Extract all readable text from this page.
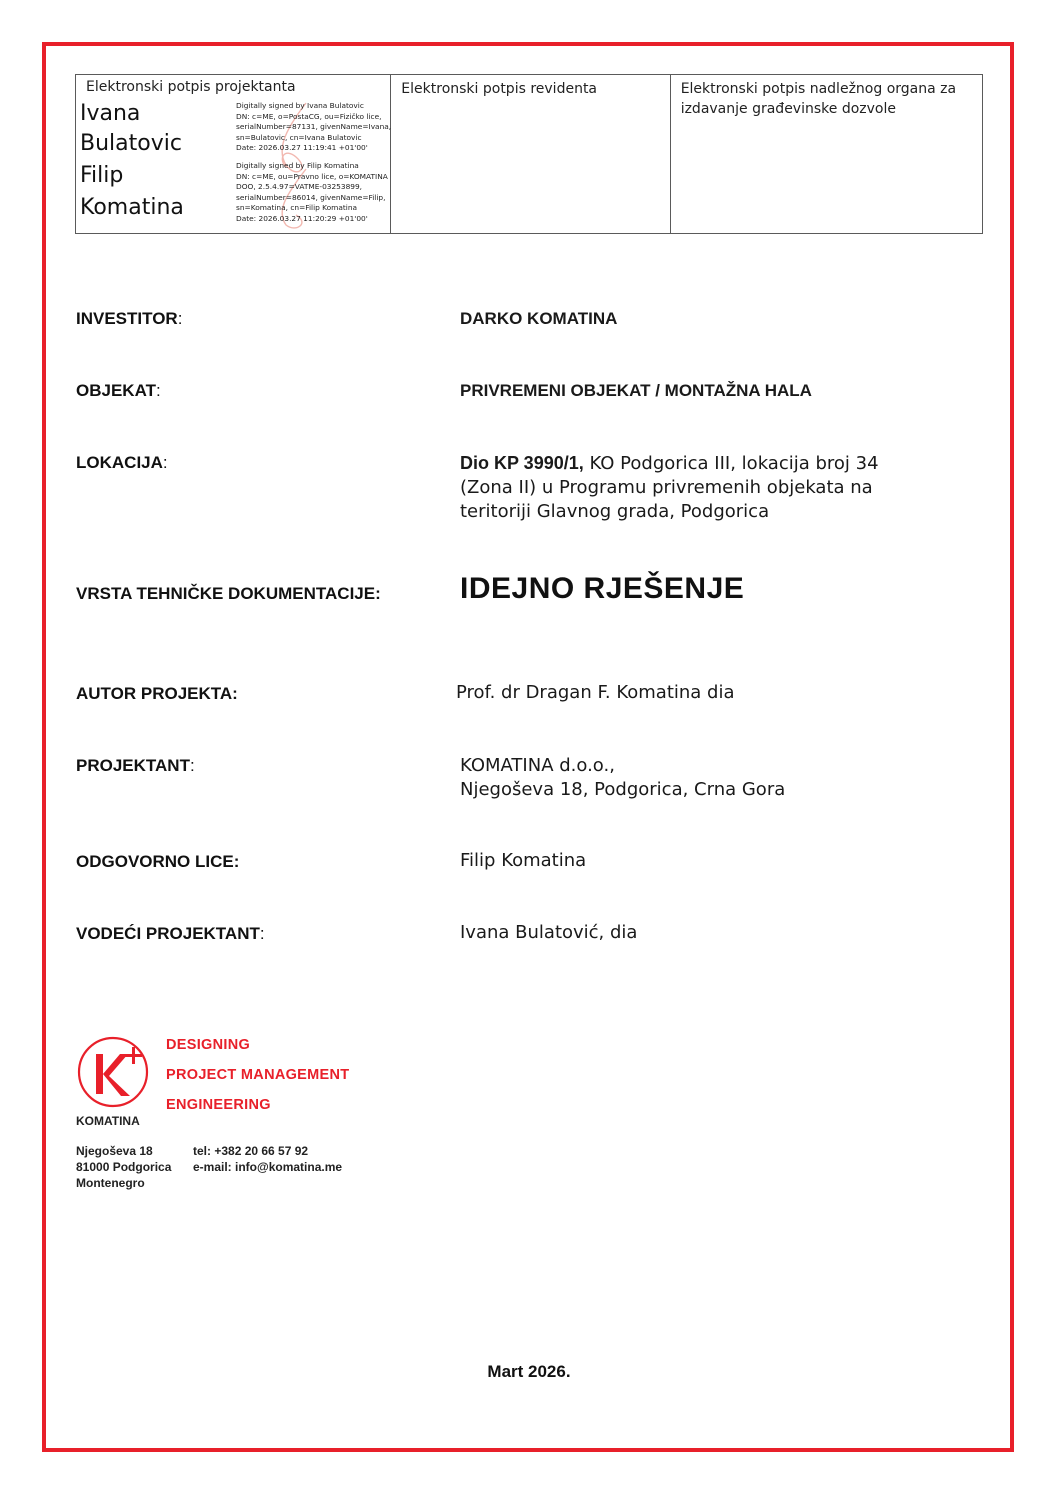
Elektronski potpis projektanta
Ivana
Bulatovic
Digitally signed by Ivana Bulatovic
DN: c=ME, o=PostaCG, ou=Fizičko lice,
serialNumber=87131, givenName=Ivana,
sn=Bulatovic, cn=Ivana Bulatovic
Date: 2026.03.27 11:19:41 +01'00'
Filip
Komatina
Digitally signed by Filip Komatina
DN: c=ME, ou=Pravno lice, o=KOMATINA
DOO, 2.5.4.97=VATME-03253899,
serialNumber=86014, givenName=Filip,
sn=Komatina, cn=Filip Komatina
Date: 2026.03.27 11:20:29 +01'00'
Elektronski potpis revidenta	Elektronski potpis nadležnog organa za izdavanje građevinske dozvole
INVESTITOR:	DARKO KOMATINA
OBJEKAT:	PRIVREMENI OBJEKAT / MONTAŽNA HALA
LOKACIJA:	Dio KP 3990/1, KO Podgorica III, lokacija broj 34
(Zona II) u Programu privremenih objekata na
teritoriji Glavnog grada, Podgorica
VRSTA TEHNIČKE DOKUMENTACIJE:	IDEJNO RJEŠENJE
AUTOR PROJEKTA:	Prof. dr Dragan F. Komatina dia
PROJEKTANT:	KOMATINA d.o.o.,
Njegoševa 18, Podgorica, Crna Gora
ODGOVORNO LICE:	Filip Komatina
VODEĆI PROJEKTANT:	Ivana Bulatović, dia
KOMATINA
DESIGNING
PROJECT MANAGEMENT
ENGINEERING
Njegoševa 18
81000 Podgorica
Montenegro
tel: +382 20 66 57 92
e-mail: info@komatina.me
Mart 2026.
